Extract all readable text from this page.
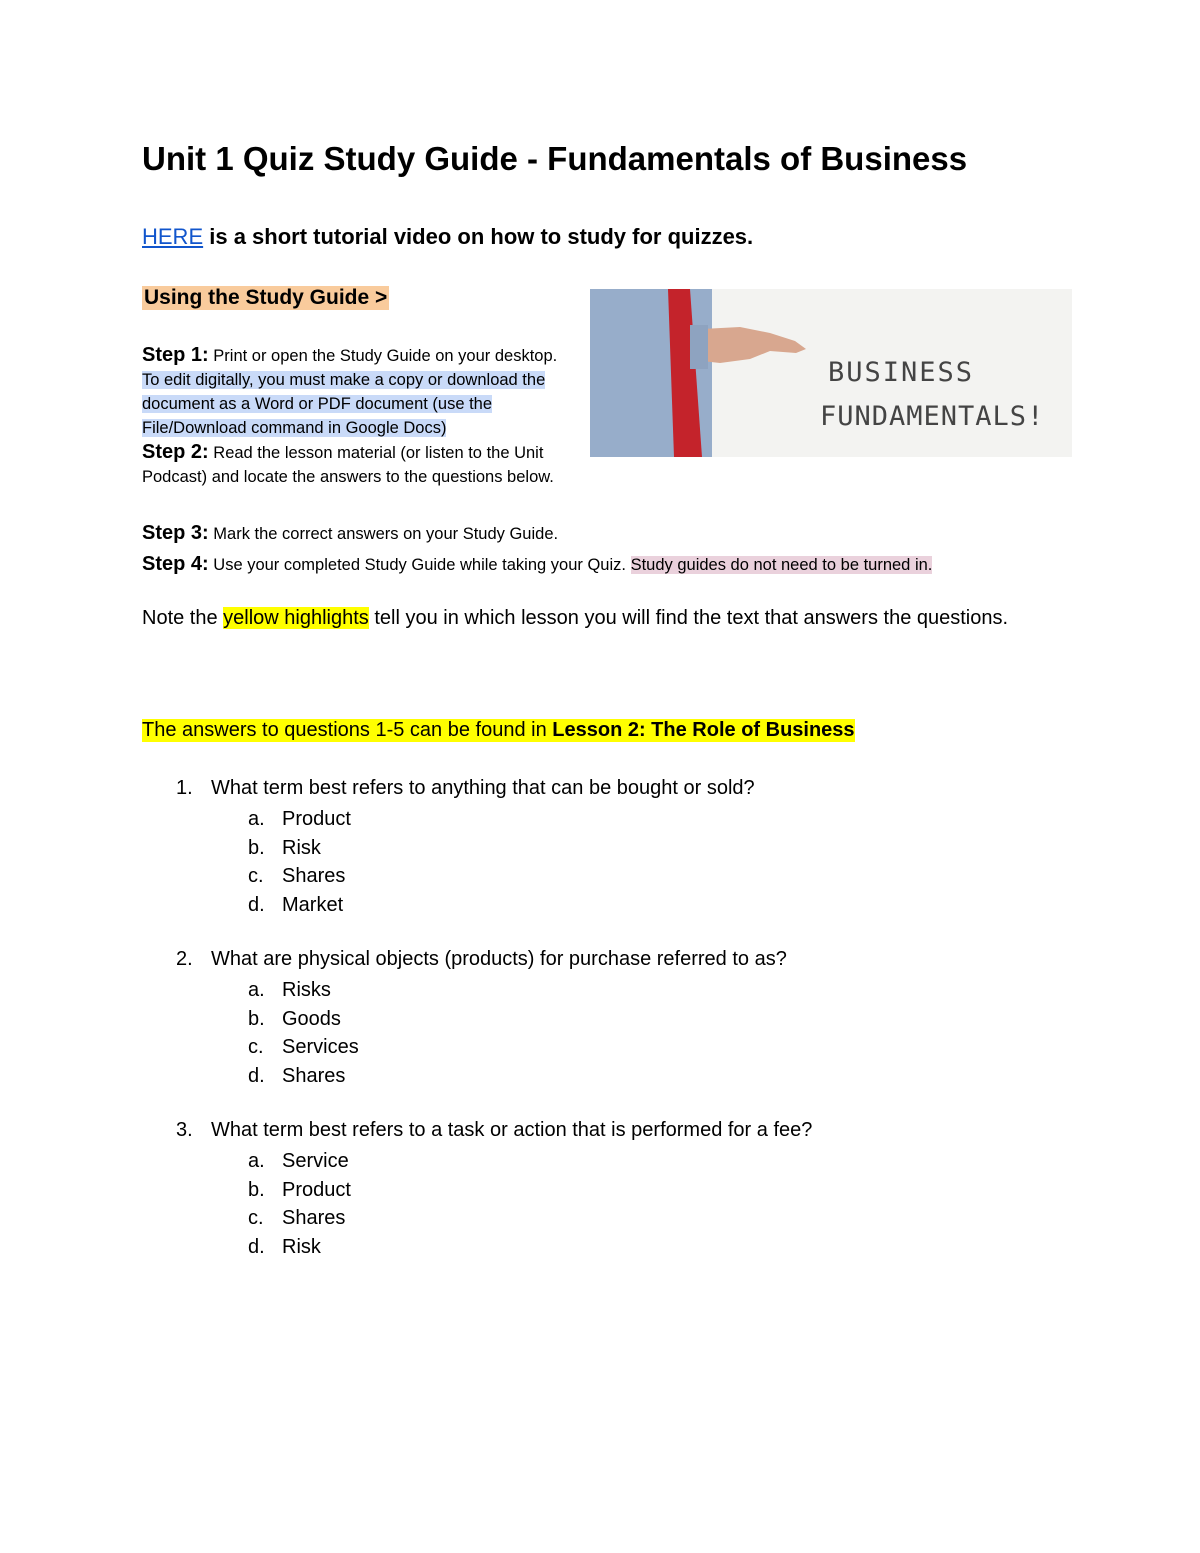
Unit 1 Quiz Study Guide - Fundamentals of Business
HERE is a short tutorial video on how to study for quizzes.
Using the Study Guide >

Step 1: Print or open the Study Guide on your desktop. To edit digitally, you must make a copy or download the document as a Word or PDF document (use the File/Download command in Google Docs)

Step 2: Read the lesson material (or listen to the Unit Podcast) and locate the answers to the questions below.

Step 3: Mark the correct answers on your Study Guide.
Step 4: Use your completed Study Guide while taking your Quiz. Study guides do not need to be turned in.
BUSINESS
FUNDAMENTALS!
Note the yellow highlights tell you in which lesson you will find the text that answers the questions.
The answers to questions 1-5 can be found in Lesson 2: The Role of Business
1. What term best refers to anything that can be bought or sold?
a. Product
b. Risk
c. Shares
d. Market
2. What are physical objects (products) for purchase referred to as?
a. Risks
b. Goods
c. Services
d. Shares
3. What term best refers to a task or action that is performed for a fee?
a. Service
b. Product
c. Shares
d. Risk
